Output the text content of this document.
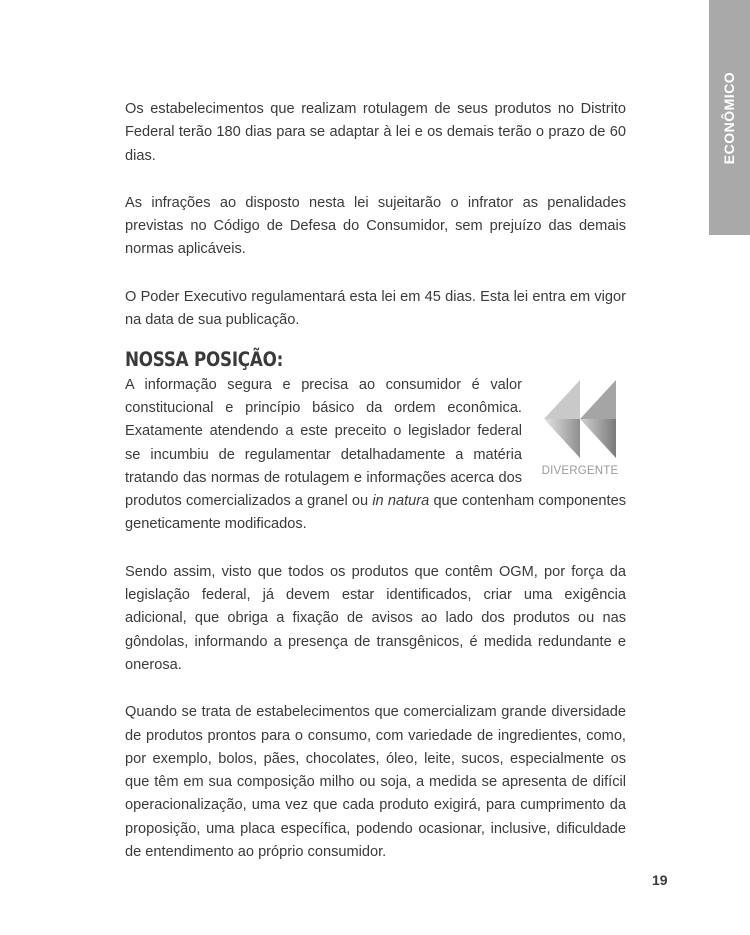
ECONÔMICO

Os estabelecimentos que realizam rotulagem de seus produtos no Distrito Federal terão 180 dias para se adaptar à lei e os demais terão o prazo de 60 dias.

As infrações ao disposto nesta lei sujeitarão o infrator as penalidades previstas no Código de Defesa do Consumidor, sem prejuízo das demais normas aplicáveis.

O Poder Executivo regulamentará esta lei em 45 dias. Esta lei entra em vigor na data de sua publicação.

NOSSA POSIÇÃO:

DIVERGENTE
A informação segura e precisa ao consumidor é valor constitucional e princípio básico da ordem econômica. Exatamente atendendo a este preceito o legislador federal se incumbiu de regulamentar detalhadamente a matéria tratando das normas de rotulagem e informações acerca dos produtos comercializados a granel ou in natura que contenham componentes geneticamente modificados.

Sendo assim, visto que todos os produtos que contêm OGM, por força da legislação federal, já devem estar identificados, criar uma exigência adicional, que obriga a fixação de avisos ao lado dos produtos ou nas gôndolas, informando a presença de transgênicos, é medida redundante e onerosa.

Quando se trata de estabelecimentos que comercializam grande diversidade de produtos prontos para o consumo, com variedade de ingredientes, como, por exemplo, bolos, pães, chocolates, óleo, leite, sucos, especialmente os que têm em sua composição milho ou soja, a medida se apresenta de difícil operacionalização, uma vez que cada produto exigirá, para cumprimento da proposição, uma placa específica, podendo ocasionar, inclusive, dificuldade de entendimento ao próprio consumidor.

19
